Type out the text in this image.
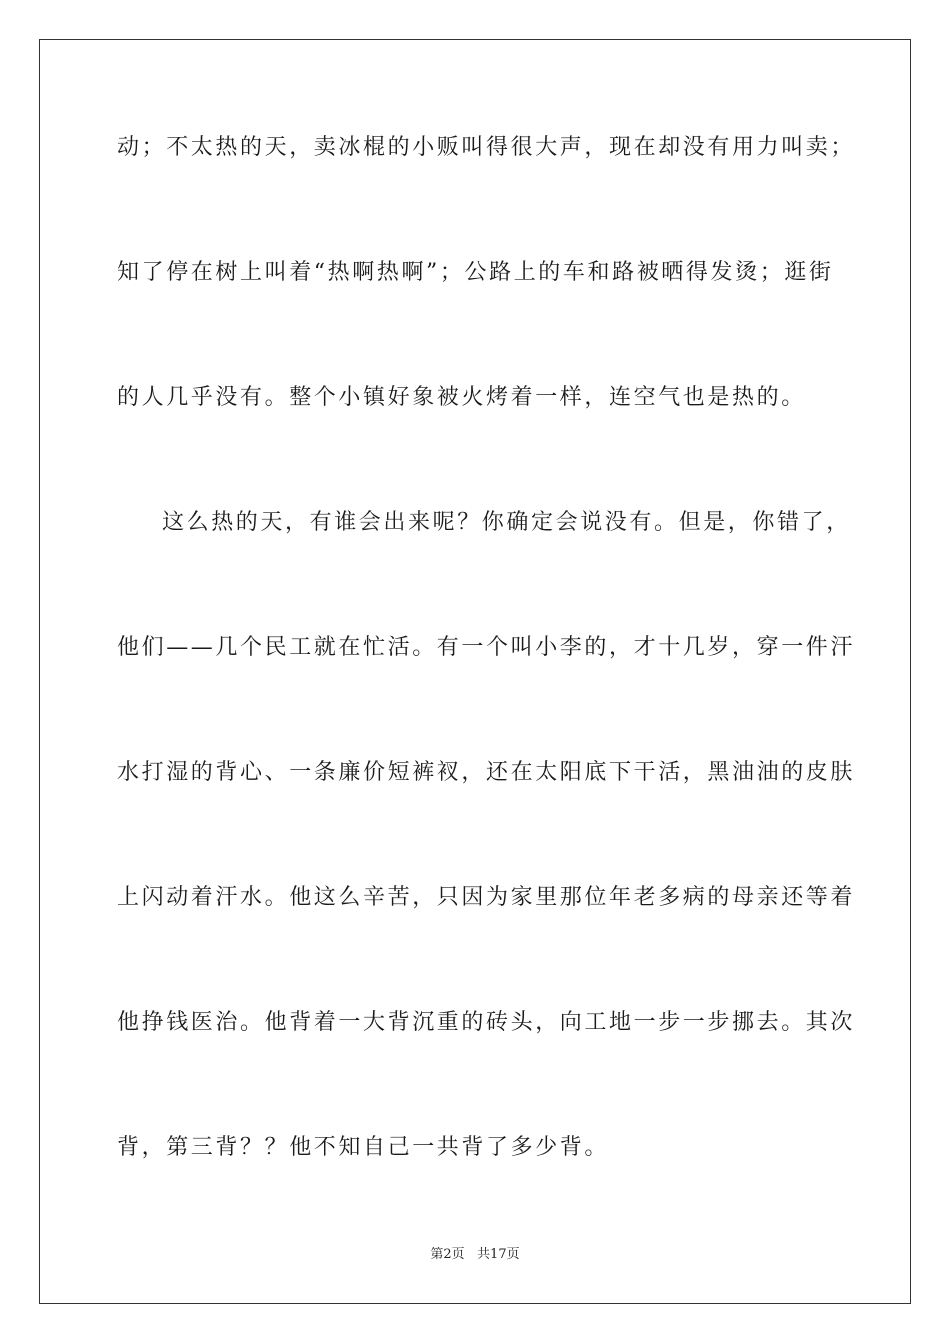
动；不太热的天，卖冰棍的小贩叫得很大声，现在却没有用力叫卖；
知了停在树上叫着“热啊热啊”；公路上的车和路被晒得发烫；逛街
的人几乎没有。整个小镇好象被火烤着一样，连空气也是热的。
这么热的天，有谁会出来呢？你确定会说没有。但是，你错了，
他们——几个民工就在忙活。有一个叫小李的，才十几岁，穿一件汗
水打湿的背心、一条廉价短裤衩，还在太阳底下干活，黑油油的皮肤
上闪动着汗水。他这么辛苦，只因为家里那位年老多病的母亲还等着
他挣钱医治。他背着一大背沉重的砖头，向工地一步一步挪去。其次
背，第三背？？他不知自己一共背了多少背。
第2页   共17页
